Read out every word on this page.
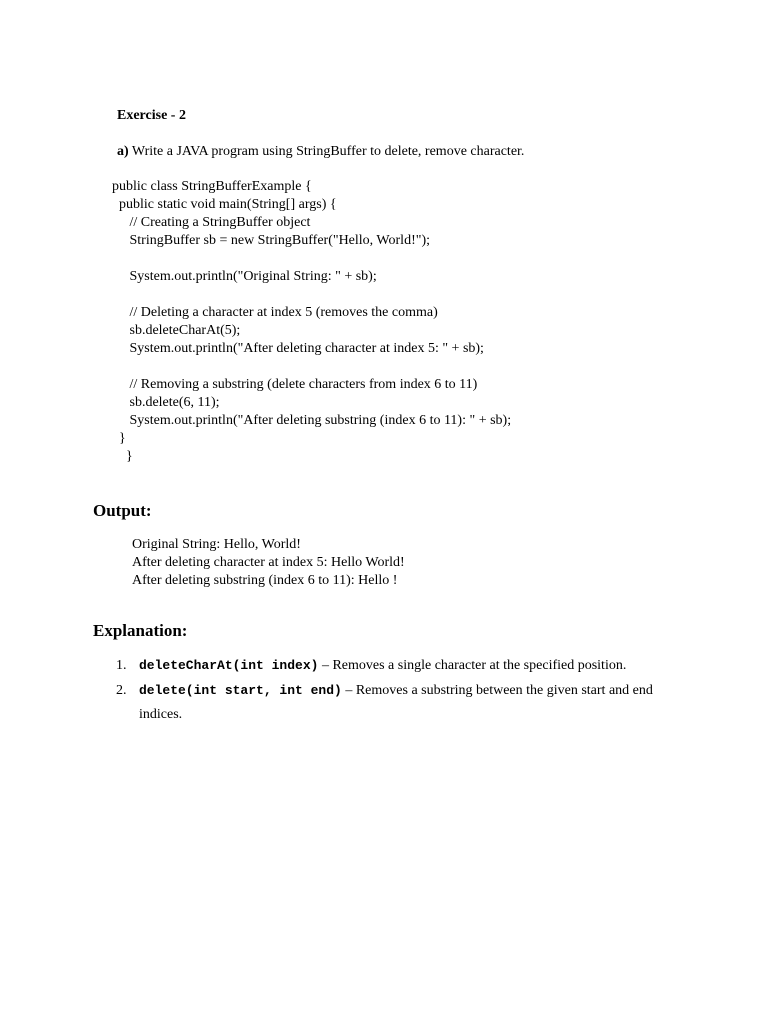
Exercise - 2
a) Write a JAVA program using StringBuffer to delete, remove character.
public class StringBufferExample {
public static void main(String[] args) {
// Creating a StringBuffer object
StringBuffer sb = new StringBuffer("Hello, World!");
System.out.println("Original String: " + sb);
// Deleting a character at index 5 (removes the comma)
sb.deleteCharAt(5);
System.out.println("After deleting character at index 5: " + sb);
// Removing a substring (delete characters from index 6 to 11)
sb.delete(6, 11);
System.out.println("After deleting substring (index 6 to 11): " + sb);
}
}
Output:
Original String: Hello, World!
After deleting character at index 5: Hello World!
After deleting substring (index 6 to 11): Hello !
Explanation:
1. deleteCharAt(int index) – Removes a single character at the specified position.
2. delete(int start, int end) – Removes a substring between the given start and end indices.
